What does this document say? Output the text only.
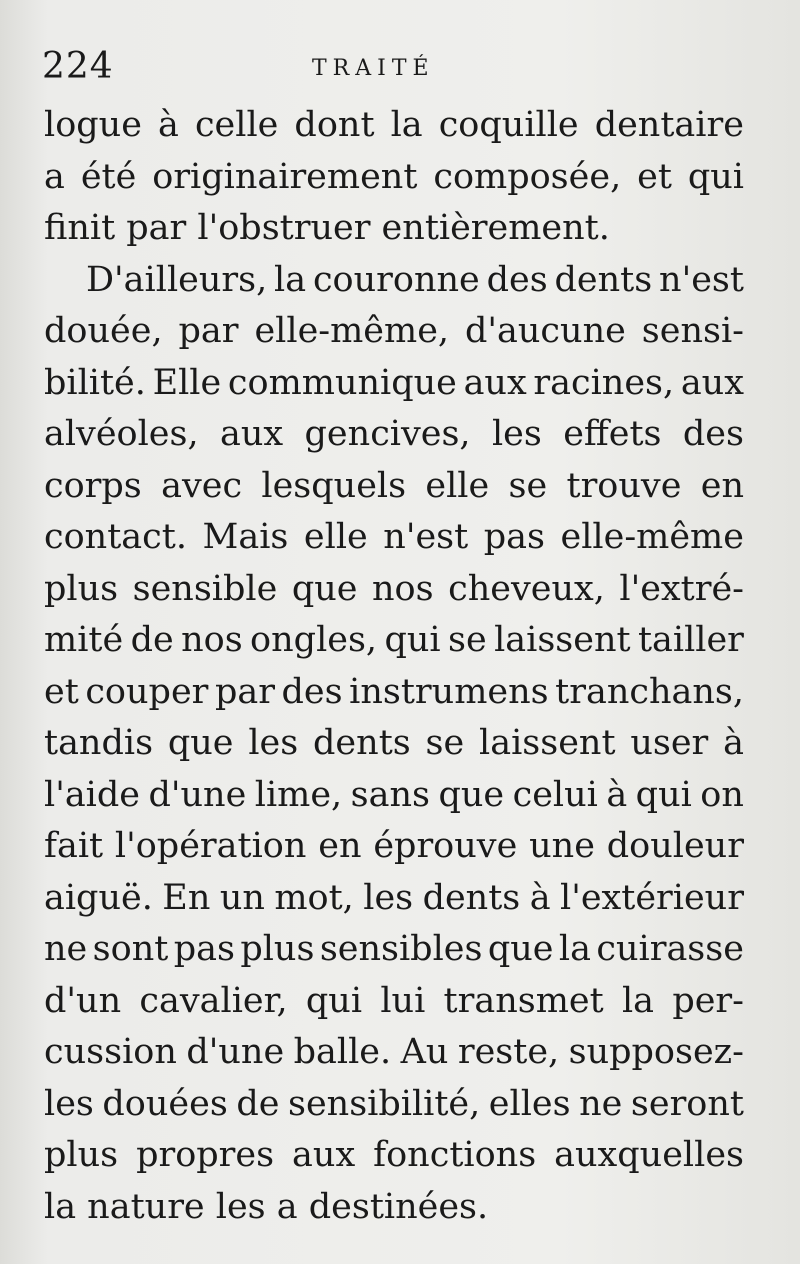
224	TRAITÉ
logue à celle dont la coquille dentaire
a été originairement composée, et qui
finit par l'obstruer entièrement.
D'ailleurs, la couronne des dents n'est
douée, par elle-même, d'aucune sensi-
bilité. Elle communique aux racines, aux
alvéoles, aux gencives, les effets des
corps avec lesquels elle se trouve en
contact. Mais elle n'est pas elle-même
plus sensible que nos cheveux, l'extré-
mité de nos ongles, qui se laissent tailler
et couper par des instrumens tranchans,
tandis que les dents se laissent user à
l'aide d'une lime, sans que celui à qui on
fait l'opération en éprouve une douleur
aiguë. En un mot, les dents à l'extérieur
ne sont pas plus sensibles que la cuirasse
d'un cavalier, qui lui transmet la per-
cussion d'une balle. Au reste, supposez-
les douées de sensibilité, elles ne seront
plus propres aux fonctions auxquelles
la nature les a destinées.
